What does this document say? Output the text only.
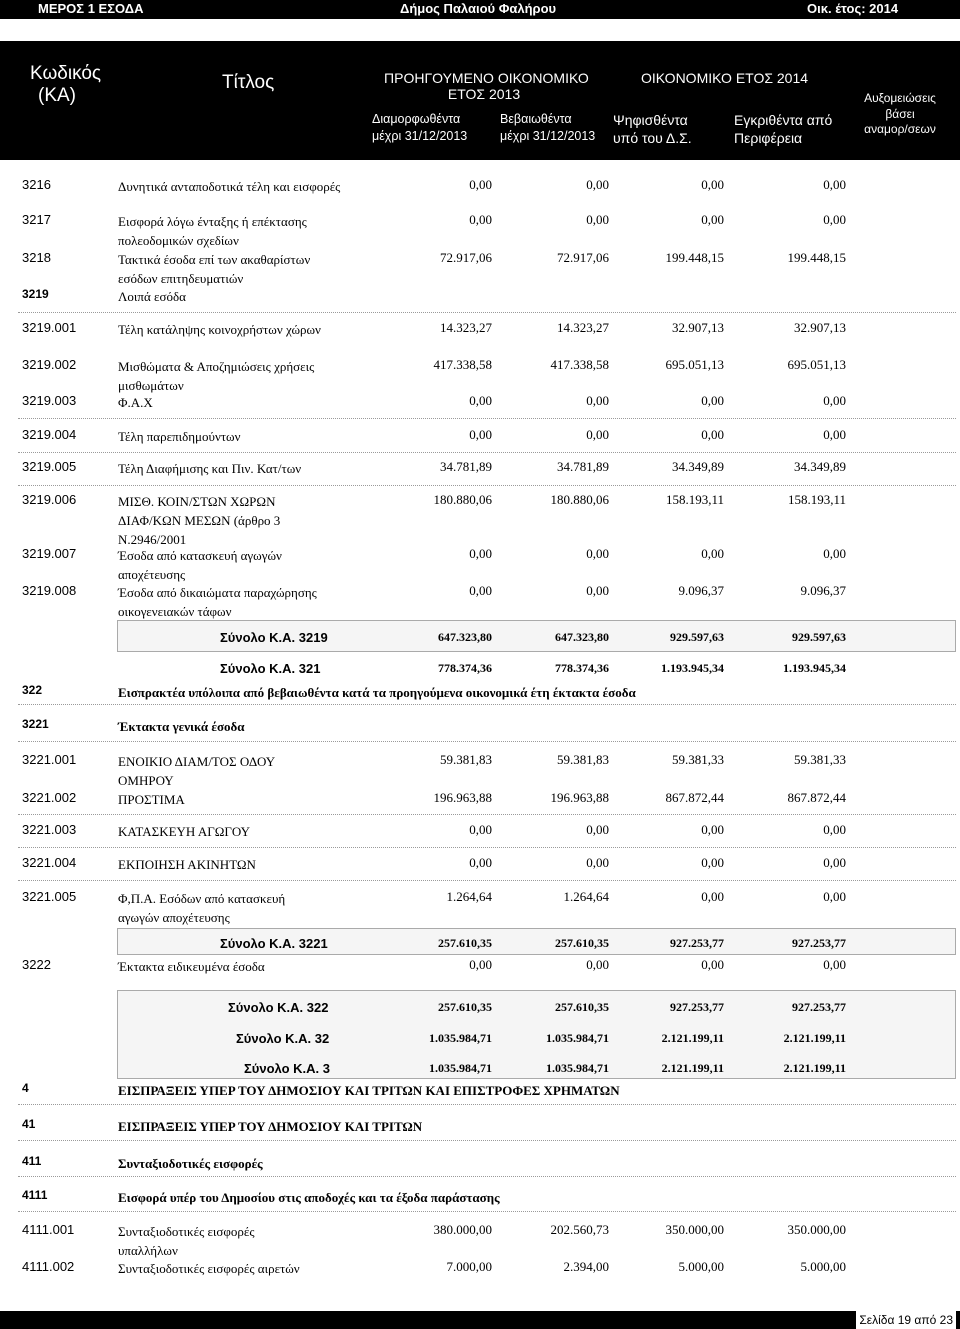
ΜΕΡΟΣ 1 ΕΣΟΔΑ	Δήμος Παλαιού Φαλήρου	Οικ. έτος: 2014
Κωδικός
(ΚΑ)
Τίτλος	ΠΡΟΗΓΟΥΜΕΝΟ ΟΙΚΟΝΟΜΙΚΟ
ΕΤΟΣ 2013
Διαμορφωθέντα
μέχρι 31/12/2013
Βεβαιωθέντα
μέχρι 31/12/2013
ΟΙΚΟΝΟΜΙΚΟ ΕΤΟΣ 2014
Ψηφισθέντα
υπό του Δ.Σ.
Εγκριθέντα από
Περιφέρεια
Αυξομειώσεις
βάσει
αναμορ/σεων
3216	Δυνητικά ανταποδοτικά τέλη και εισφορές	0,00	0,00	0,00	0,00
3217	Εισφορά λόγω ένταξης ή επέκτασης πολεοδομικών σχεδίων
0,00	0,00	0,00	0,00
3218	Τακτικά έσοδα επί των ακαθαρίστων εσόδων επιτηδευματιών
72.917,06	72.917,06	199.448,15	199.448,15
3219	Λοιπά εσόδα
3219.001	Τέλη κατάληψης κοινοχρήστων χώρων	14.323,27	14.323,27	32.907,13	32.907,13
3219.002	Μισθώματα & Αποζημιώσεις χρήσεις μισθωμάτων
417.338,58	417.338,58	695.051,13	695.051,13
3219.003	Φ.Α.Χ	0,00	0,00	0,00	0,00
3219.004	Τέλη παρεπιδημούντων	0,00	0,00	0,00	0,00
3219.005	Τέλη Διαφήμισης και Πιν. Κατ/των	34.781,89	34.781,89	34.349,89	34.349,89
3219.006	ΜΙΣΘ. ΚΟΙΝ/ΣΤΩΝ ΧΩΡΩΝ ΔΙΑΦ/ΚΩΝ ΜΕΣΩΝ (άρθρο 3 Ν.2946/2001
180.880,06	180.880,06	158.193,11	158.193,11
3219.007	Έσοδα από κατασκευή αγωγών αποχέτευσης
0,00	0,00	0,00	0,00
3219.008	Έσοδα από δικαιώματα παραχώρησης οικογενειακών τάφων
0,00	0,00	9.096,37	9.096,37
Σύνολο Κ.Α. 3219	647.323,80	647.323,80	929.597,63	929.597,63
Σύνολο Κ.Α. 321	778.374,36	778.374,36	1.193.945,34	1.193.945,34
322	Εισπρακτέα υπόλοιπα από βεβαιωθέντα κατά τα προηγούμενα οικονομικά έτη έκτακτα έσοδα
3221	Έκτακτα γενικά έσοδα
3221.001	ΕΝΟΙΚΙΟ ΔΙΑΜ/ΤΟΣ ΟΔΟΥ ΟΜΗΡΟΥ
59.381,83	59.381,83	59.381,33	59.381,33
3221.002	ΠΡΟΣΤΙΜΑ	196.963,88	196.963,88	867.872,44	867.872,44
3221.003	ΚΑΤΑΣΚΕΥΗ ΑΓΩΓΟΥ	0,00	0,00	0,00	0,00
3221.004	ΕΚΠΟΙΗΣΗ ΑΚΙΝΗΤΩΝ	0,00	0,00	0,00	0,00
3221.005	Φ,Π.Α. Εσόδων από κατασκευή αγωγών αποχέτευσης
1.264,64	1.264,64	0,00	0,00
Σύνολο Κ.Α. 3221	257.610,35	257.610,35	927.253,77	927.253,77
3222	Έκτακτα ειδικευμένα έσοδα	0,00	0,00	0,00	0,00
Σύνολο Κ.Α. 322	257.610,35	257.610,35	927.253,77	927.253,77
Σύνολο Κ.Α. 32	1.035.984,71	1.035.984,71	2.121.199,11	2.121.199,11
Σύνολο Κ.Α. 3	1.035.984,71	1.035.984,71	2.121.199,11	2.121.199,11
4	ΕΙΣΠΡΑΞΕΙΣ ΥΠΕΡ ΤΟΥ ΔΗΜΟΣΙΟΥ ΚΑΙ ΤΡΙΤΩΝ ΚΑΙ ΕΠΙΣΤΡΟΦΕΣ ΧΡΗΜΑΤΩΝ
41	ΕΙΣΠΡΑΞΕΙΣ ΥΠΕΡ ΤΟΥ ΔΗΜΟΣΙΟΥ ΚΑΙ ΤΡΙΤΩΝ
411	Συνταξιοδοτικές εισφορές
4111	Εισφορά υπέρ του Δημοσίου στις αποδοχές και τα έξοδα παράστασης
4111.001	Συνταξιοδοτικές εισφορές υπαλλήλων
380.000,00	202.560,73	350.000,00	350.000,00
4111.002	Συνταξιοδοτικές εισφορές αιρετών	7.000,00	2.394,00	5.000,00	5.000,00
Σελίδα 19 από 23
